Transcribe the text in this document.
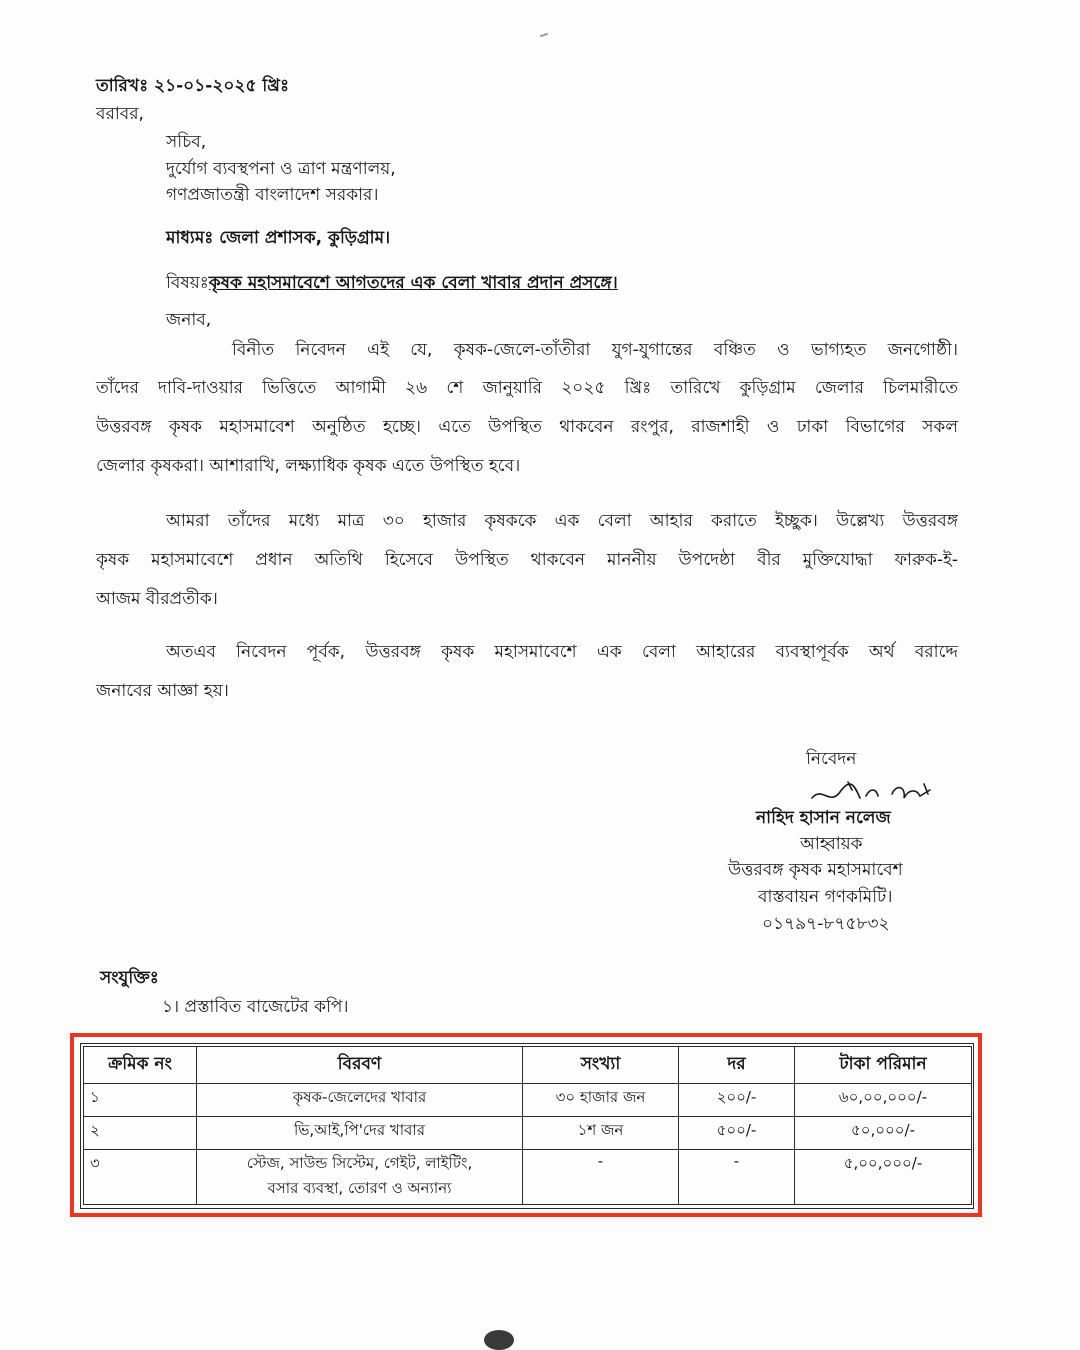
তারিখঃ ২১-০১-২০২৫ খ্রিঃ
বরাবর,
সচিব,
দুর্যোগ ব্যবস্থপনা ও ত্রাণ মন্ত্রণালয়,
গণপ্রজাতন্ত্রী বাংলাদেশ সরকার।
মাধ্যমঃ জেলা প্রশাসক, কুড়িগ্রাম।
বিষয়ঃকৃষক মহাসমাবেশে আগতদের এক বেলা খাবার প্রদান প্রসঙ্গে।
জনাব,
বিনীত নিবেদন এই যে, কৃষক-জেলে-তাঁতীরা যুগ-যুগান্তের বঞ্চিত ও ভাগ্যহত জনগোষ্ঠী।
তাঁদের দাবি-দাওয়ার ভিত্তিতে আগামী ২৬ শে জানুয়ারি ২০২৫ খ্রিঃ তারিখে কুড়িগ্রাম জেলার চিলমারীতে
উত্তরবঙ্গ কৃষক মহাসমাবেশ অনুষ্ঠিত হচ্ছে। এতে উপস্থিত থাকবেন রংপুর, রাজশাহী ও ঢাকা বিভাগের সকল
জেলার কৃষকরা। আশারাখি, লক্ষ্যাধিক কৃষক এতে উপস্থিত হবে।
আমরা তাঁদের মধ্যে মাত্র ৩০ হাজার কৃষককে এক বেলা আহার করাতে ইচ্ছুক। উল্লেখ্য উত্তরবঙ্গ
কৃষক মহাসমাবেশে প্রধান অতিথি হিসেবে উপস্থিত থাকবেন মাননীয় উপদেষ্ঠা বীর মুক্তিযোদ্ধা ফারুক-ই-
আজম বীরপ্রতীক।
অতএব নিবেদন পূর্বক, উত্তরবঙ্গ কৃষক মহাসমাবেশে এক বেলা আহারের ব্যবস্থাপূর্বক অর্থ বরাদ্দে
জনাবের আজ্ঞা হয়।
নিবেদন
নাহিদ হাসান নলেজ
আহ্বায়ক
উত্তরবঙ্গ কৃষক মহাসমাবেশ
বাস্তবায়ন গণকমিটি।
০১৭৯৭-৮৭৫৮৩২
সংযুক্তিঃ
১। প্রস্তাবিত বাজেটের কপি।
ক্রমিক নং	বিরবণ	সংখ্যা	দর	টাকা পরিমান
১	কৃষক-জেলেদের খাবার	৩০ হাজার জন	২০০/-	৬০,০০,০০০/-
২	ভি,আই,পি'দের খাবার	১শ জন	৫০০/-	৫০,০০০/-
৩	স্টেজ, সাউন্ড সিস্টেম, গেইট, লাইটিং,
বসার ব্যবস্থা, তোরণ ও অন্যান্য	-	-	৫,০০,০০০/-
